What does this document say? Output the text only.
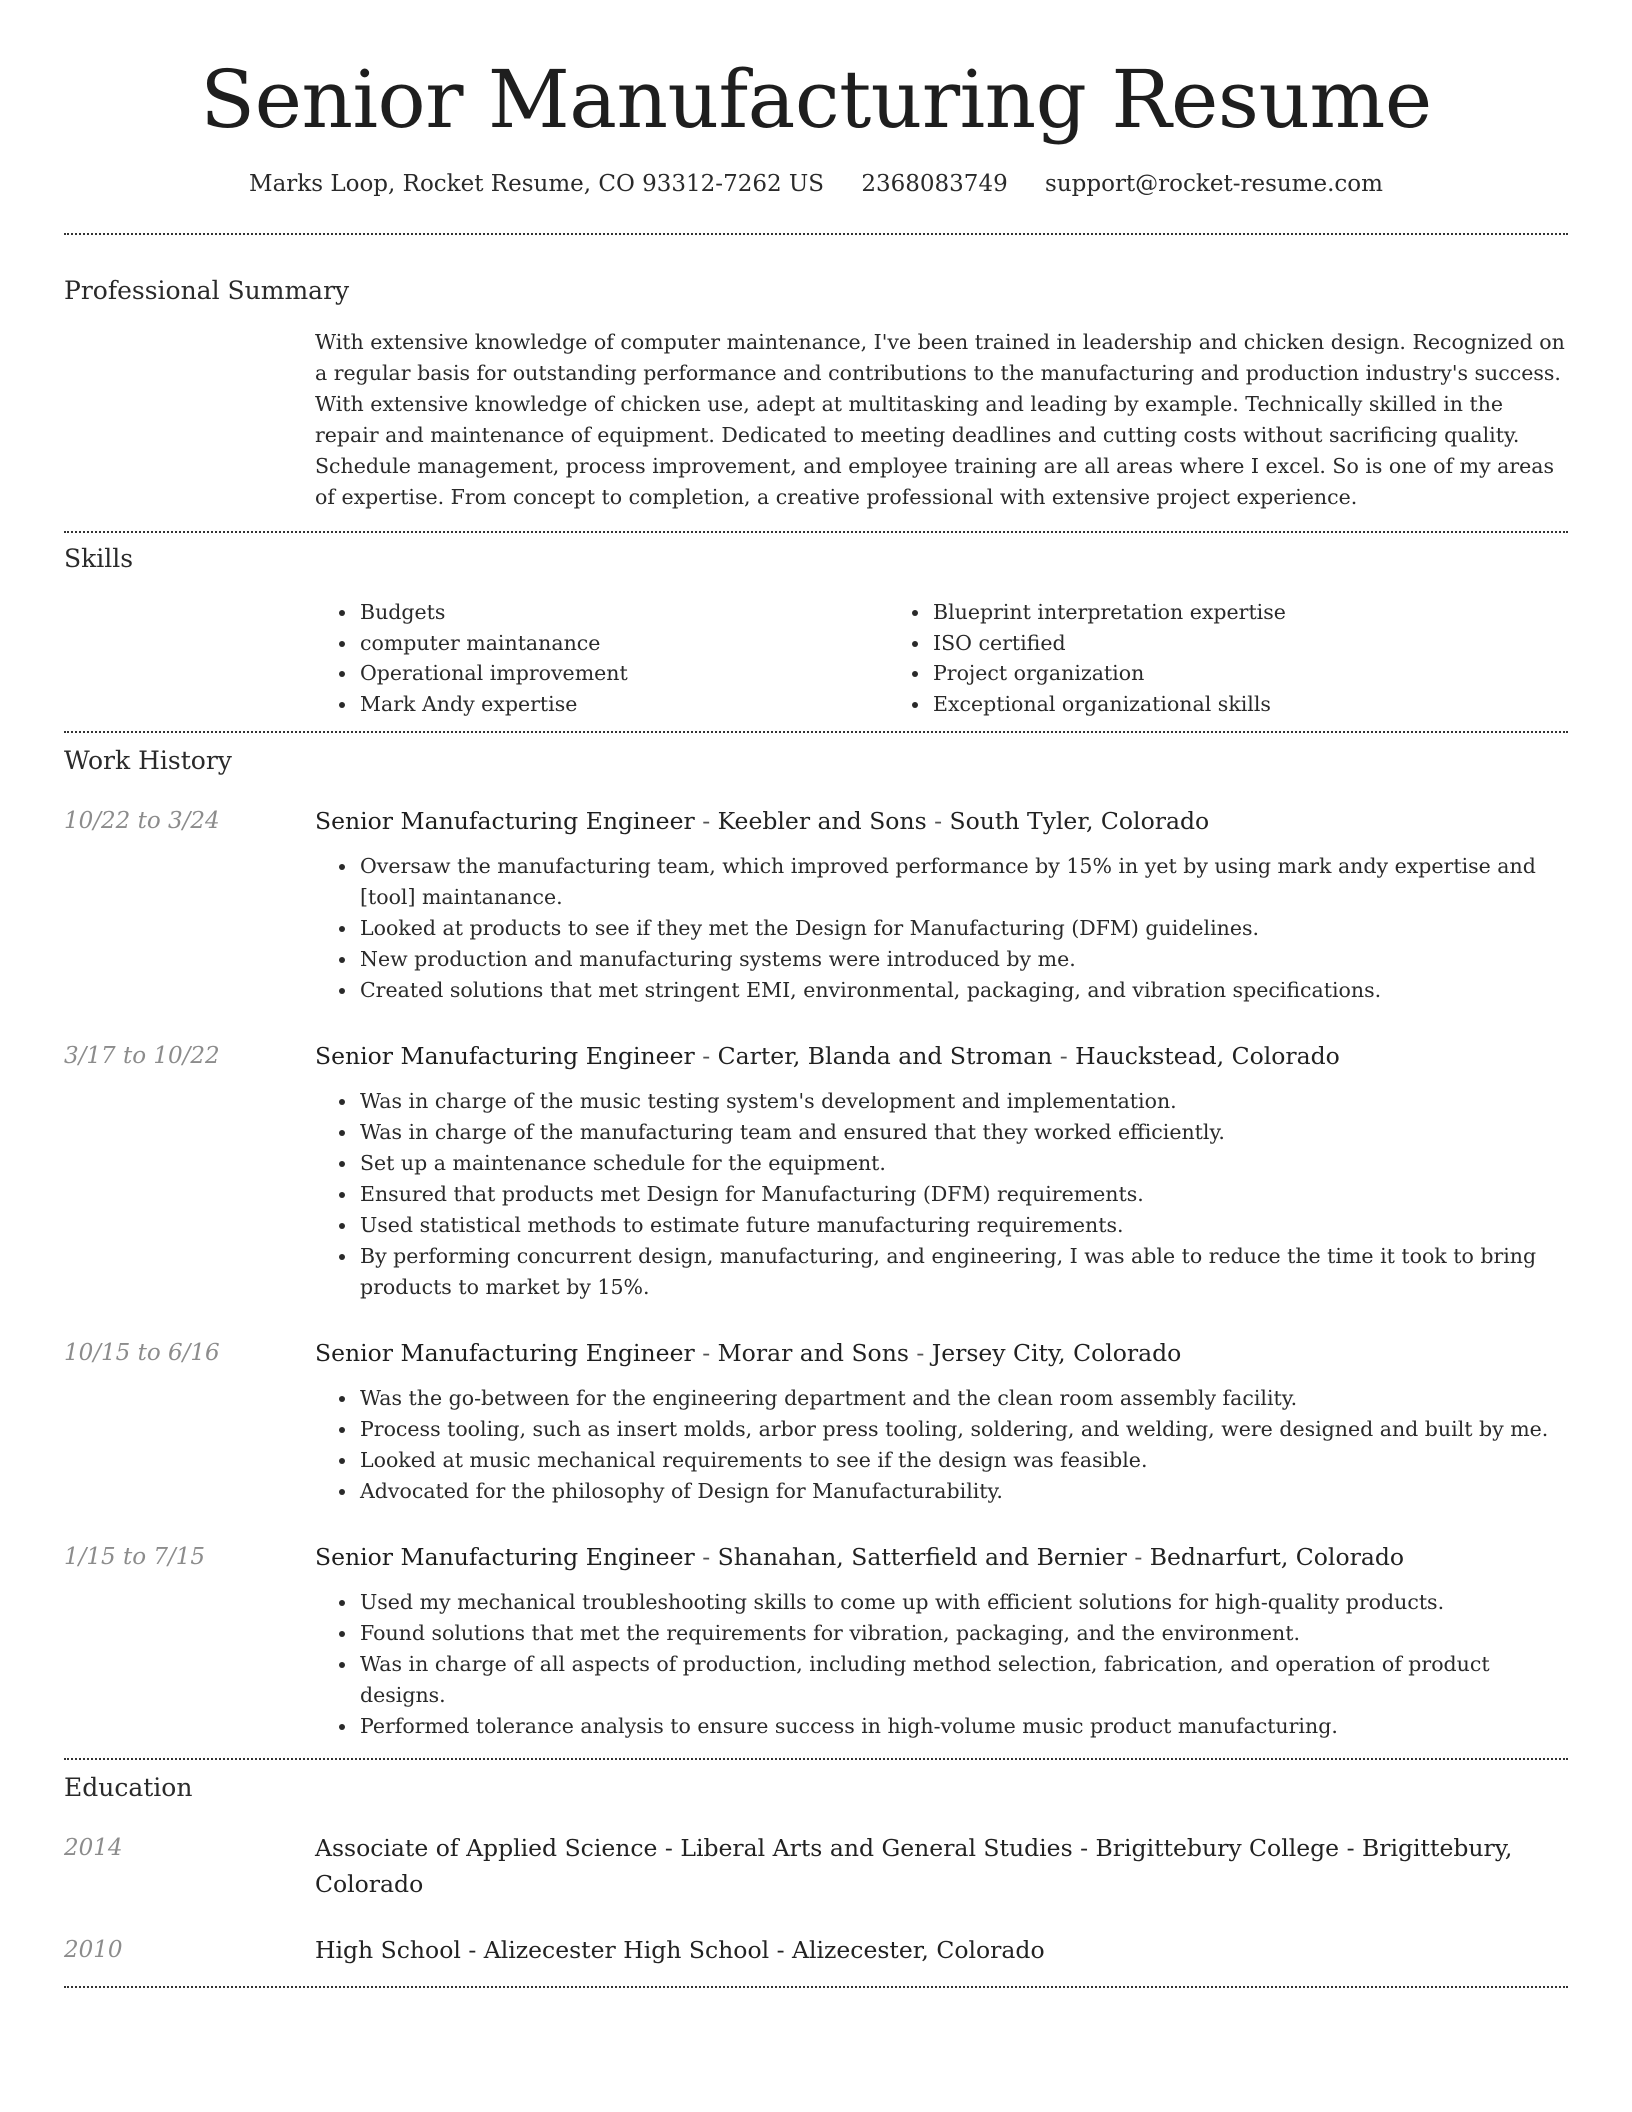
Senior Manufacturing Resume
Marks Loop, Rocket Resume, CO 93312-7262 US 2368083749 support@rocket-resume.com
Professional Summary

With extensive knowledge of computer maintenance, I've been trained in leadership and chicken design. Recognized on a regular basis for outstanding performance and contributions to the manufacturing and production industry's success. With extensive knowledge of chicken use, adept at multitasking and leading by example. Technically skilled in the repair and maintenance of equipment. Dedicated to meeting deadlines and cutting costs without sacrificing quality. Schedule management, process improvement, and employee training are all areas where I excel. So is one of my areas of expertise. From concept to completion, a creative professional with extensive project experience.

Skills
• Budgets
• computer maintanance
• Operational improvement
• Mark Andy expertise
• Blueprint interpretation expertise
• ISO certified
• Project organization
• Exceptional organizational skills
Work History
10/22 to 3/24	Senior Manufacturing Engineer - Keebler and Sons - South Tyler, Colorado
• Oversaw the manufacturing team, which improved performance by 15% in yet by using mark andy expertise and [tool] maintanance.
• Looked at products to see if they met the Design for Manufacturing (DFM) guidelines.
• New production and manufacturing systems were introduced by me.
• Created solutions that met stringent EMI, environmental, packaging, and vibration specifications.
3/17 to 10/22	Senior Manufacturing Engineer - Carter, Blanda and Stroman - Hauckstead, Colorado
• Was in charge of the music testing system's development and implementation.
• Was in charge of the manufacturing team and ensured that they worked efficiently.
• Set up a maintenance schedule for the equipment.
• Ensured that products met Design for Manufacturing (DFM) requirements.
• Used statistical methods to estimate future manufacturing requirements.
• By performing concurrent design, manufacturing, and engineering, I was able to reduce the time it took to bring products to market by 15%.
10/15 to 6/16	Senior Manufacturing Engineer - Morar and Sons - Jersey City, Colorado
• Was the go-between for the engineering department and the clean room assembly facility.
• Process tooling, such as insert molds, arbor press tooling, soldering, and welding, were designed and built by me.
• Looked at music mechanical requirements to see if the design was feasible.
• Advocated for the philosophy of Design for Manufacturability.
1/15 to 7/15	Senior Manufacturing Engineer - Shanahan, Satterfield and Bernier - Bednarfurt, Colorado
• Used my mechanical troubleshooting skills to come up with efficient solutions for high-quality products.
• Found solutions that met the requirements for vibration, packaging, and the environment.
• Was in charge of all aspects of production, including method selection, fabrication, and operation of product designs.
• Performed tolerance analysis to ensure success in high-volume music product manufacturing.
Education
2014	Associate of Applied Science - Liberal Arts and General Studies - Brigittebury College - Brigittebury, Colorado
2010	High School - Alizecester High School - Alizecester, Colorado
